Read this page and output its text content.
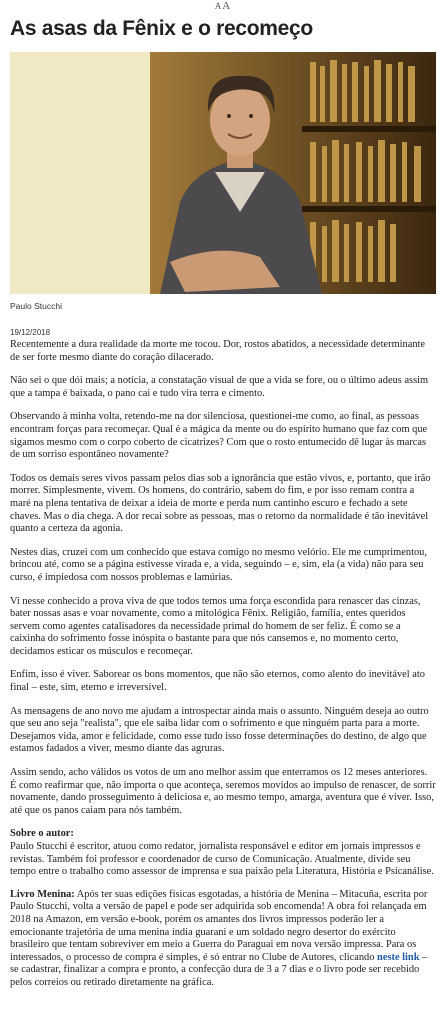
AA
As asas da Fênix e o recomeço
Paulo Stucchi
19/12/2018

Recentemente a dura realidade da morte me tocou. Dor, rostos abatidos, a necessidade determinante de ser forte mesmo diante do coração dilacerado.

Não sei o que dói mais; a notícia, a constatação visual de que a vida se fore, ou o último adeus assim que a tampa é baixada, o pano cai e tudo vira terra e cimento.

Observando à minha volta, retendo-me na dor silenciosa, questionei-me como, ao final, as pessoas encontram forças para recomeçar. Qual é a mágica da mente ou do espírito humano que faz com que sigamos mesmo com o corpo coberto de cicatrizes? Com que o rosto entumecido dê lugar às marcas de um sorriso espontâneo novamente?

Todos os demais seres vivos passam pelos dias sob a ignorância que estão vivos, e, portanto, que irão morrer. Simplesmente, vivem. Os homens, do contrário, sabem do fim, e por isso remam contra a maré na plena tentativa de deixar a ideia de morte e perda num cantinho escuro e fechado a sete chaves. Mas o dia chega. A dor recai sobre as pessoas, mas o retorno da normalidade é tão inevitável quanto a certeza da agonia.

Nestes dias, cruzei com um conhecido que estava comigo no mesmo velório. Ele me cumprimentou, brincou até, como se a página estivesse virada e, a vida, seguindo – e, sim, ela (a vida) não para seu curso, é impiedosa com nossos problemas e lamúrias.

Vi nesse conhecido a prova viva de que todos temos uma força escondida para renascer das cinzas, bater nossas asas e voar novamente, como a mitológica Fênix. Religião, família, entes queridos servem como agentes catalisadores da necessidade primal do homem de ser feliz. É como se a caixinha do sofrimento fosse inóspita o bastante para que nós cansemos e, no momento certo, decidamos esticar os músculos e recomeçar.

Enfim, isso é viver. Saborear os bons momentos, que não são eternos, como alento do inevitável ato final – este, sim, eterno e irreversível.

As mensagens de ano novo me ajudam a introspectar ainda mais o assunto. Ninguém deseja ao outro que seu ano seja "realista", que ele saiba lidar com o sofrimento e que ninguém parta para a morte. Desejamos vida, amor e felicidade, como esse tudo isso fosse determinações do destino, de algo que estamos fadados a viver, mesmo diante das agruras.

Assim sendo, acho válidos os votos de um ano melhor assim que enterramos os 12 meses anteriores. É como reafirmar que, não importa o que aconteça, seremos movidos ao impulso de renascer, de sorrir novamente, dando prosseguimento à deliciosa e, ao mesmo tempo, amarga, aventura que é viver. Isso, até que os panos caiam para nós também.

Sobre o autor:
Paulo Stucchi é escritor, atuou como redator, jornalista responsável e editor em jornais impressos e revistas. Também foi professor e coordenador de curso de Comunicação. Atualmente, divide seu tempo entre o trabalho como assessor de imprensa e sua paixão pela Literatura, História e Psicanálise.

Livro Menina: Após ter suas edições físicas esgotadas, a história de Menina – Mitacuña, escrita por Paulo Stucchi, volta a versão de papel e pode ser adquirida sob encomenda! A obra foi relançada em 2018 na Amazon, em versão e-book, porém os amantes dos livros impressos poderão ler a emocionante trajetória de uma menina índia guarani e um soldado negro desertor do exército brasileiro que tentam sobreviver em meio a Guerra do Paraguai em nova versão impressa. Para os interessados, o processo de compra é simples, é só entrar no Clube de Autores, clicando neste link – se cadastrar, finalizar a compra e pronto, a confecção dura de 3 a 7 dias e o livro pode ser recebido pelos correios ou retirado diretamente na gráfica.
